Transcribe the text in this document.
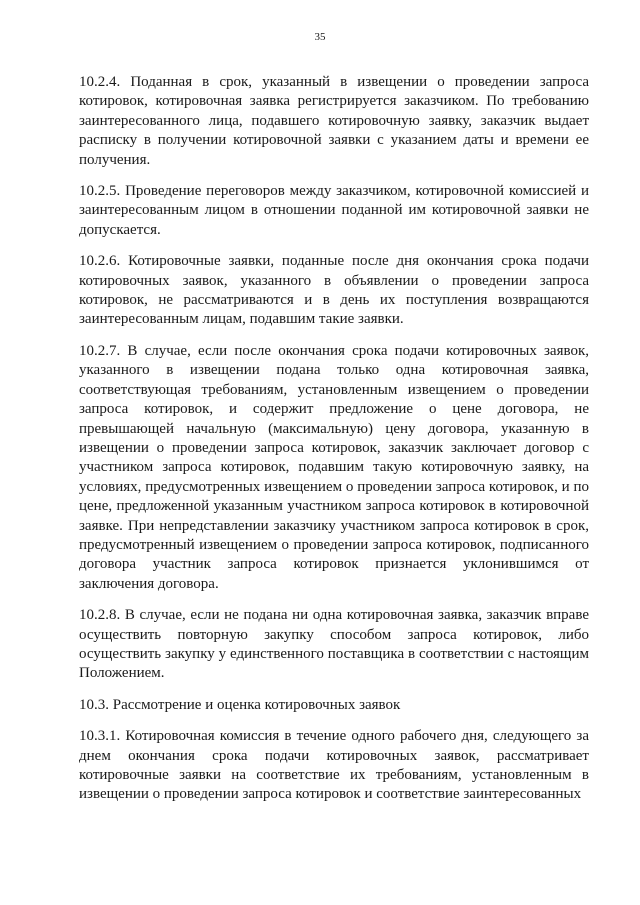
35

10.2.4. Поданная в срок, указанный в извещении о проведении запроса котировок, котировочная заявка регистрируется заказчиком. По требованию заинтересованного лица, подавшего котировочную заявку, заказчик выдает расписку в получении котировочной заявки с указанием даты и времени ее получения.

10.2.5. Проведение переговоров между заказчиком, котировочной комиссией и заинтересованным лицом в отношении поданной им котировочной заявки не допускается.

10.2.6. Котировочные заявки, поданные после дня окончания срока подачи котировочных заявок, указанного в объявлении о проведении запроса котировок, не рассматриваются и в день их поступления возвращаются заинтересованным лицам, подавшим такие заявки.

10.2.7. В случае, если после окончания срока подачи котировочных заявок, указанного в извещении подана только одна котировочная заявка, соответствующая требованиям, установленным извещением о проведении запроса котировок, и содержит предложение о цене договора, не превышающей начальную (максимальную) цену договора, указанную в извещении о проведении запроса котировок, заказчик заключает договор с участником запроса котировок, подавшим такую котировочную заявку, на условиях, предусмотренных извещением о проведении запроса котировок, и по цене, предложенной указанным участником запроса котировок в котировочной заявке. При непредставлении заказчику участником запроса котировок в срок, предусмотренный извещением о проведении запроса котировок, подписанного договора участник запроса котировок признается уклонившимся от заключения договора.

10.2.8. В случае, если не подана ни одна котировочная заявка, заказчик вправе осуществить повторную закупку способом запроса котировок, либо осуществить закупку у единственного поставщика в соответствии с настоящим Положением.

10.3. Рассмотрение и оценка котировочных заявок

10.3.1. Котировочная комиссия в течение одного рабочего дня, следующего за днем окончания срока подачи котировочных заявок, рассматривает котировочные заявки на соответствие их требованиям, установленным в извещении о проведении запроса котировок и соответствие заинтересованных
